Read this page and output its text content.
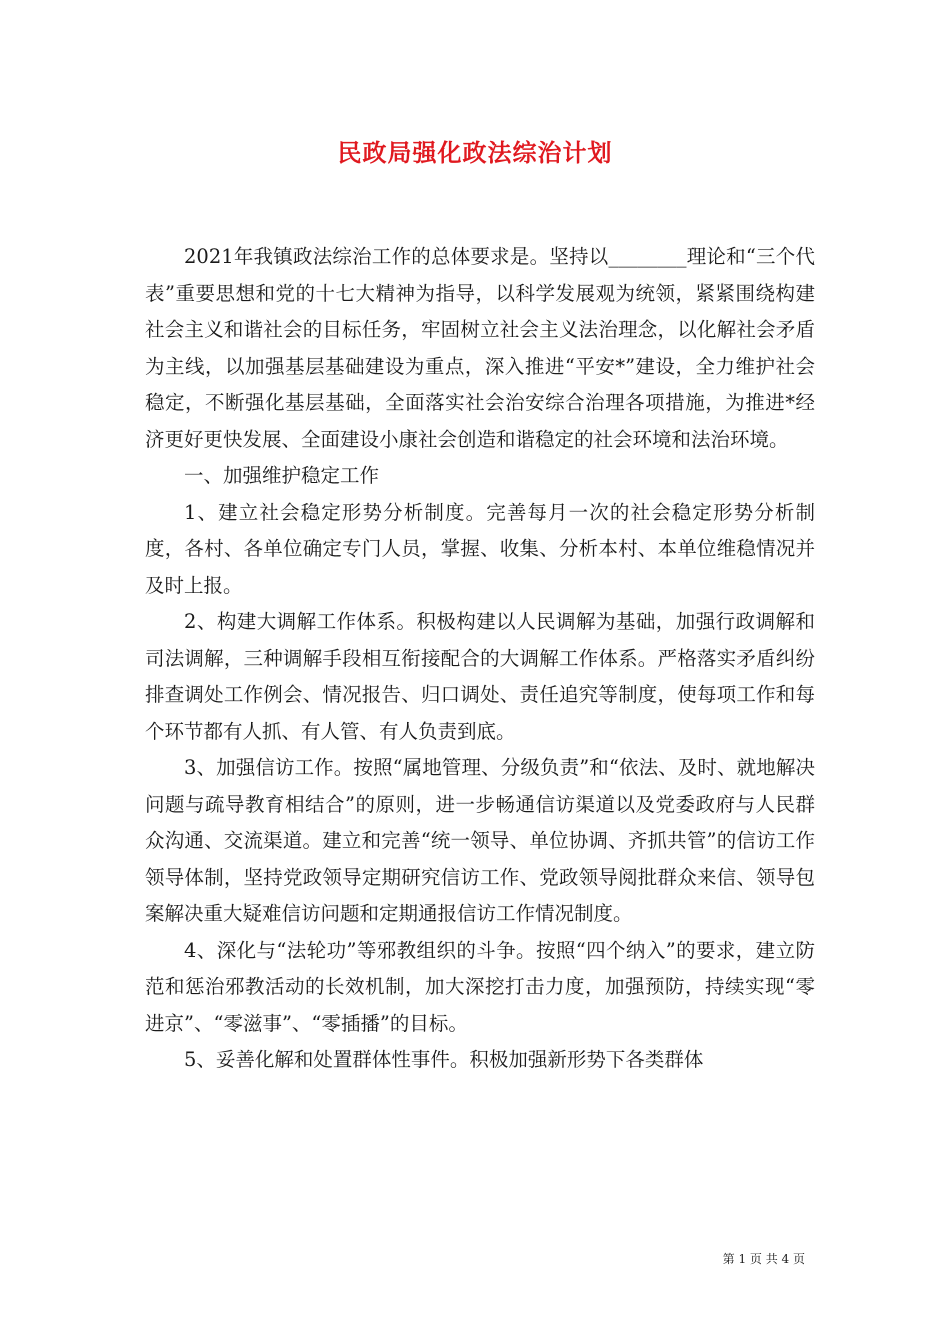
民政局强化政法综治计划

2021年我镇政法综治工作的总体要求是。坚持以________理论和“三个代表”重要思想和党的十七大精神为指导，以科学发展观为统领，紧紧围绕构建社会主义和谐社会的目标任务，牢固树立社会主义法治理念，以化解社会矛盾为主线，以加强基层基础建设为重点，深入推进“平安*”建设，全力维护社会稳定，不断强化基层基础，全面落实社会治安综合治理各项措施，为推进*经济更好更快发展、全面建设小康社会创造和谐稳定的社会环境和法治环境。

一、加强维护稳定工作

1、建立社会稳定形势分析制度。完善每月一次的社会稳定形势分析制度，各村、各单位确定专门人员，掌握、收集、分析本村、本单位维稳情况并及时上报。

2、构建大调解工作体系。积极构建以人民调解为基础，加强行政调解和司法调解，三种调解手段相互衔接配合的大调解工作体系。严格落实矛盾纠纷排查调处工作例会、情况报告、归口调处、责任追究等制度，使每项工作和每个环节都有人抓、有人管、有人负责到底。

3、加强信访工作。按照“属地管理、分级负责”和“依法、及时、就地解决问题与疏导教育相结合”的原则，进一步畅通信访渠道以及党委政府与人民群众沟通、交流渠道。建立和完善“统一领导、单位协调、齐抓共管”的信访工作领导体制，坚持党政领导定期研究信访工作、党政领导阅批群众来信、领导包案解决重大疑难信访问题和定期通报信访工作情况制度。

4、深化与“法轮功”等邪教组织的斗争。按照“四个纳入”的要求，建立防范和惩治邪教活动的长效机制，加大深挖打击力度，加强预防，持续实现“零进京”、“零滋事”、“零插播”的目标。

5、妥善化解和处置群体性事件。积极加强新形势下各类群体

第 1 页 共 4 页
